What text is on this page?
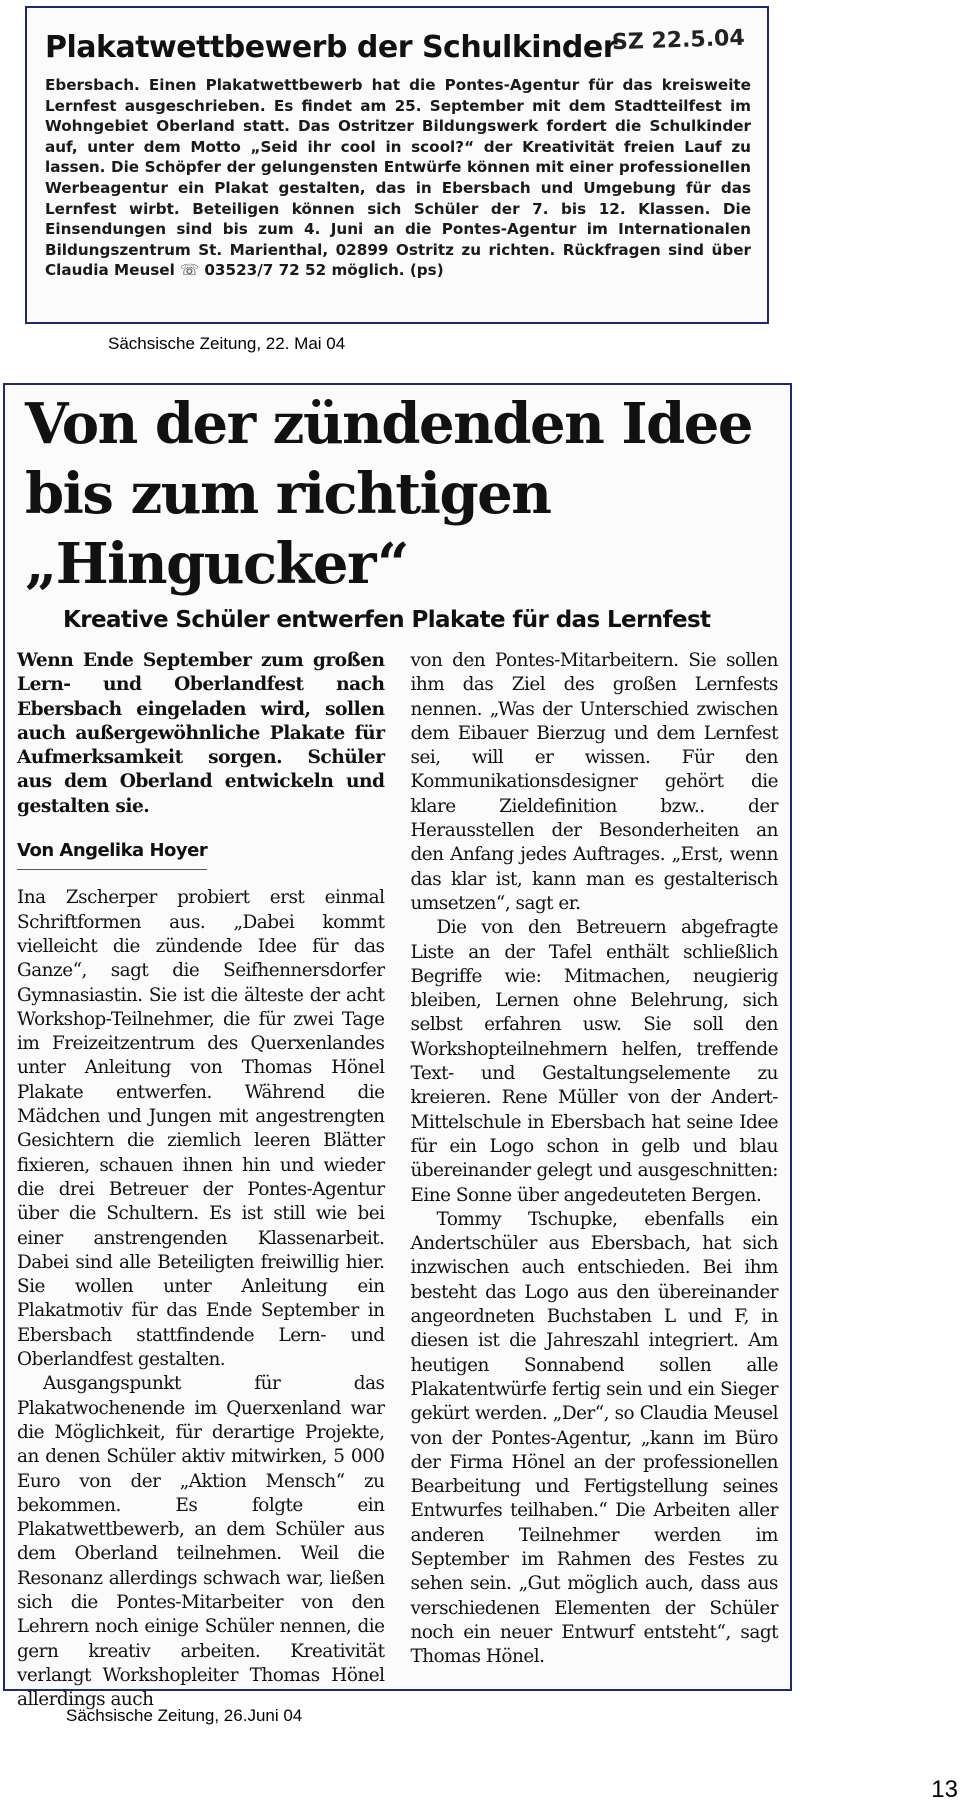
SZ 22.5.04
Plakatwettbewerb der Schulkinder

Ebersbach. Einen Plakatwettbewerb hat die Pontes-Agentur für das kreisweite Lernfest ausgeschrieben. Es findet am 25. September mit dem Stadtteilfest im Wohngebiet Oberland statt. Das Ostritzer Bildungswerk fordert die Schulkinder auf, unter dem Motto „Seid ihr cool in scool?“ der Kreativität freien Lauf zu lassen. Die Schöpfer der gelungensten Entwürfe können mit einer professionellen Werbeagentur ein Plakat gestalten, das in Ebersbach und Umgebung für das Lernfest wirbt. Beteiligen können sich Schüler der 7. bis 12. Klassen. Die Einsendungen sind bis zum 4. Juni an die Pontes-Agentur im Internationalen Bildungszentrum St. Marienthal, 02899 Ostritz zu richten. Rückfragen sind über Claudia Meusel ☏ 03523/7 72 52 möglich. (ps)

Sächsische Zeitung, 22. Mai 04
Von der zündenden Idee bis zum richtigen „Hingucker“
Kreative Schüler entwerfen Plakate für das Lernfest

Wenn Ende September zum großen Lern- und Oberlandfest nach Ebersbach eingeladen wird, sollen auch außergewöhnliche Plakate für Aufmerksamkeit sorgen. Schüler aus dem Oberland entwickeln und gestalten sie.

Von Angelika Hoyer

Ina Zscherper probiert erst einmal Schriftformen aus. „Dabei kommt vielleicht die zündende Idee für das Ganze“, sagt die Seifhennersdorfer Gymnasiastin. Sie ist die älteste der acht Workshop-Teilnehmer, die für zwei Tage im Freizeitzentrum des Querxenlandes unter Anleitung von Thomas Hönel Plakate entwerfen. Während die Mädchen und Jungen mit angestrengten Gesichtern die ziemlich leeren Blätter fixieren, schauen ihnen hin und wieder die drei Betreuer der Pontes-Agentur über die Schultern. Es ist still wie bei einer anstrengenden Klassenarbeit. Dabei sind alle Beteiligten freiwillig hier. Sie wollen unter Anleitung ein Plakatmotiv für das Ende September in Ebersbach stattfindende Lern- und Oberlandfest gestalten.

Ausgangspunkt für das Plakatwochenende im Querxenland war die Möglichkeit, für derartige Projekte, an denen Schüler aktiv mitwirken, 5 000 Euro von der „Aktion Mensch“ zu bekommen. Es folgte ein Plakatwettbewerb, an dem Schüler aus dem Oberland teilnehmen. Weil die Resonanz allerdings schwach war, ließen sich die Pontes-Mitarbeiter von den Lehrern noch einige Schüler nennen, die gern kreativ arbeiten. Kreativität verlangt Workshopleiter Thomas Hönel allerdings auch

von den Pontes-Mitarbeitern. Sie sollen ihm das Ziel des großen Lernfests nennen. „Was der Unterschied zwischen dem Eibauer Bierzug und dem Lernfest sei, will er wissen. Für den Kommunikationsdesigner gehört die klare Zieldefinition bzw.. der Herausstellen der Besonderheiten an den Anfang jedes Auftrages. „Erst, wenn das klar ist, kann man es gestalterisch umsetzen“, sagt er.

Die von den Betreuern abgefragte Liste an der Tafel enthält schließlich Begriffe wie: Mitmachen, neugierig bleiben, Lernen ohne Belehrung, sich selbst erfahren usw. Sie soll den Workshopteilnehmern helfen, treffende Text- und Gestaltungselemente zu kreieren. Rene Müller von der Andert-Mittelschule in Ebersbach hat seine Idee für ein Logo schon in gelb und blau übereinander gelegt und ausgeschnitten: Eine Sonne über angedeuteten Bergen.

Tommy Tschupke, ebenfalls ein Andertschüler aus Ebersbach, hat sich inzwischen auch entschieden. Bei ihm besteht das Logo aus den übereinander angeordneten Buchstaben L und F, in diesen ist die Jahreszahl integriert. Am heutigen Sonnabend sollen alle Plakatentwürfe fertig sein und ein Sieger gekürt werden. „Der“, so Claudia Meusel von der Pontes-Agentur, „kann im Büro der Firma Hönel an der professionellen Bearbeitung und Fertigstellung seines Entwurfes teilhaben.“ Die Arbeiten aller anderen Teilnehmer werden im September im Rahmen des Festes zu sehen sein. „Gut möglich auch, dass aus verschiedenen Elementen der Schüler noch ein neuer Entwurf entsteht“, sagt Thomas Hönel.

Sächsische Zeitung, 26.Juni 04
13
